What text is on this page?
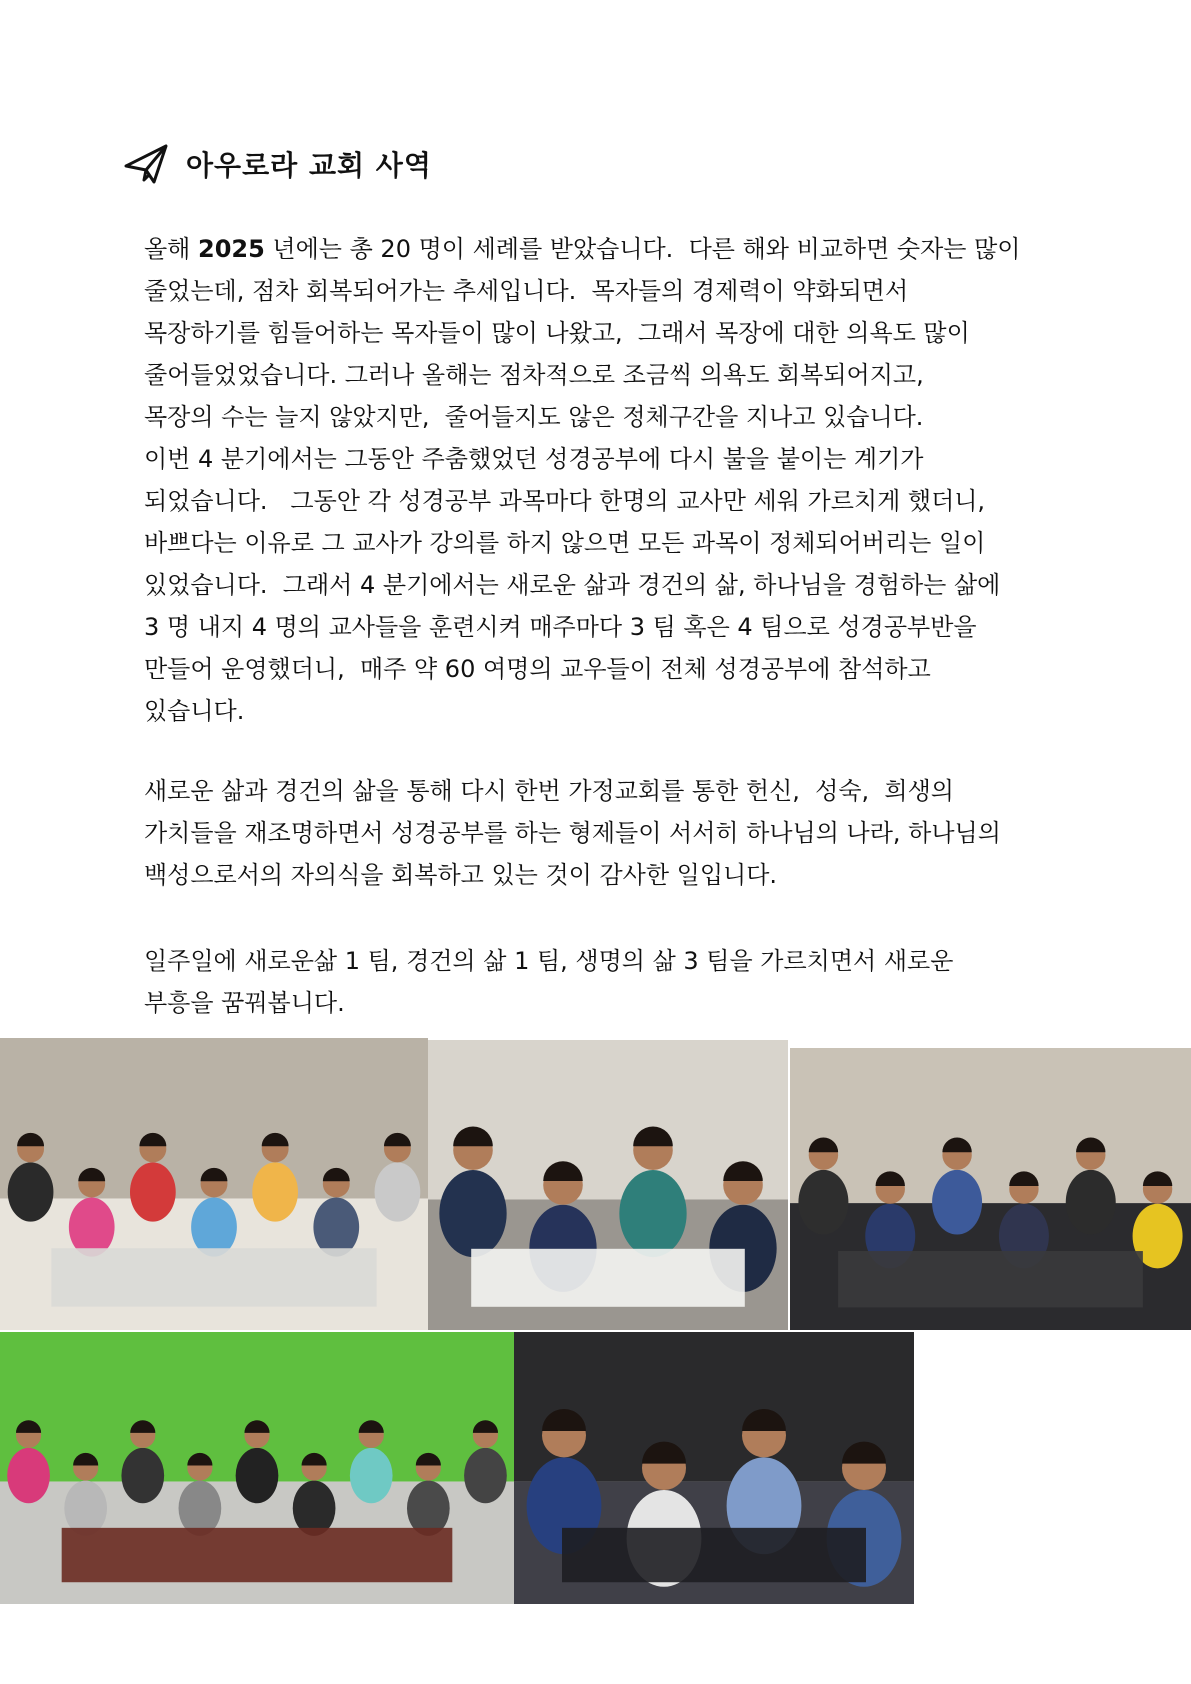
아우로라 교회 사역

올해 2025 년에는 총 20 명이 세례를 받았습니다.  다른 해와 비교하면 숫자는 많이
줄었는데, 점차 회복되어가는 추세입니다.  목자들의 경제력이 약화되면서
목장하기를 힘들어하는 목자들이 많이 나왔고,  그래서 목장에 대한 의욕도 많이
줄어들었었습니다. 그러나 올해는 점차적으로 조금씩 의욕도 회복되어지고,
목장의 수는 늘지 않았지만,  줄어들지도 않은 정체구간을 지나고 있습니다.
이번 4 분기에서는 그동안 주춤했었던 성경공부에 다시 불을 붙이는 계기가
되었습니다.   그동안 각 성경공부 과목마다 한명의 교사만 세워 가르치게 했더니,
바쁘다는 이유로 그 교사가 강의를 하지 않으면 모든 과목이 정체되어버리는 일이
있었습니다.  그래서 4 분기에서는 새로운 삶과 경건의 삶, 하나님을 경험하는 삶에
3 명 내지 4 명의 교사들을 훈련시켜 매주마다 3 팀 혹은 4 팀으로 성경공부반을
만들어 운영했더니,  매주 약 60 여명의 교우들이 전체 성경공부에 참석하고
있습니다.

새로운 삶과 경건의 삶을 통해 다시 한번 가정교회를 통한 헌신,  성숙,  희생의
가치들을 재조명하면서 성경공부를 하는 형제들이 서서히 하나님의 나라, 하나님의
백성으로서의 자의식을 회복하고 있는 것이 감사한 일입니다.

일주일에 새로운삶 1 팀, 경건의 삶 1 팀, 생명의 삶 3 팀을 가르치면서 새로운
부흥을 꿈꿔봅니다.
